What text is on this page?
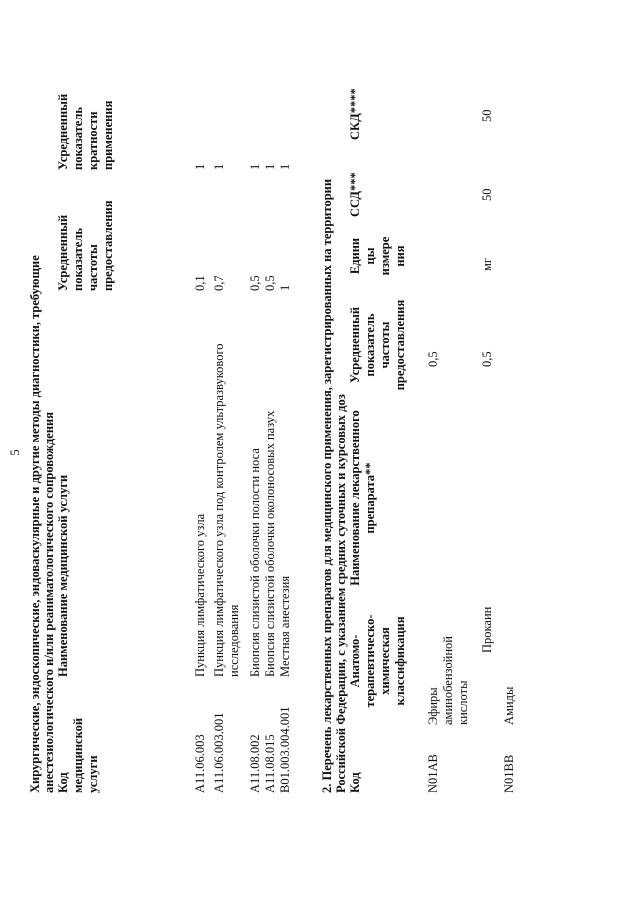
5 Хирургические, эндоскопические, эндоваскулярные и другие методы диагностики, требующие анестезиологического и/или реаниматологического сопровождения Код медицинской услуги
Наименование медицинской услуги
Усредненный показатель частоты предоставления
Усредненный показатель кратности применения
A11.06.003
Пункция лимфатического узла
0,1
1
A11.06.003.001
Пункция лимфатического узла под контролем ультразвукового исследования
0,7
1
A11.08.002
Биопсия слизистой оболочки полости носа
0,5
1
A11.08.015
Биопсия слизистой оболочки околоносовых пазух
0,5
1
B01.003.004.001
Местная анестезия
1
1
2. Перечень лекарственных препаратов для медицинского применения, зарегистрированных на территории Российской Федерации, с указанием средних суточных и курсовых доз Код
Анатомо- терапевтическо- химическая классификация
Наименование лекарственного препарата**
Усредненный показатель частоты предоставления
Едини цы измере ния
ССД***
СКД****
N01AB
Эфиры аминобензойной кислоты
0,5
Прокаин
0,5
мг
50
50
N01BB
Амиды
